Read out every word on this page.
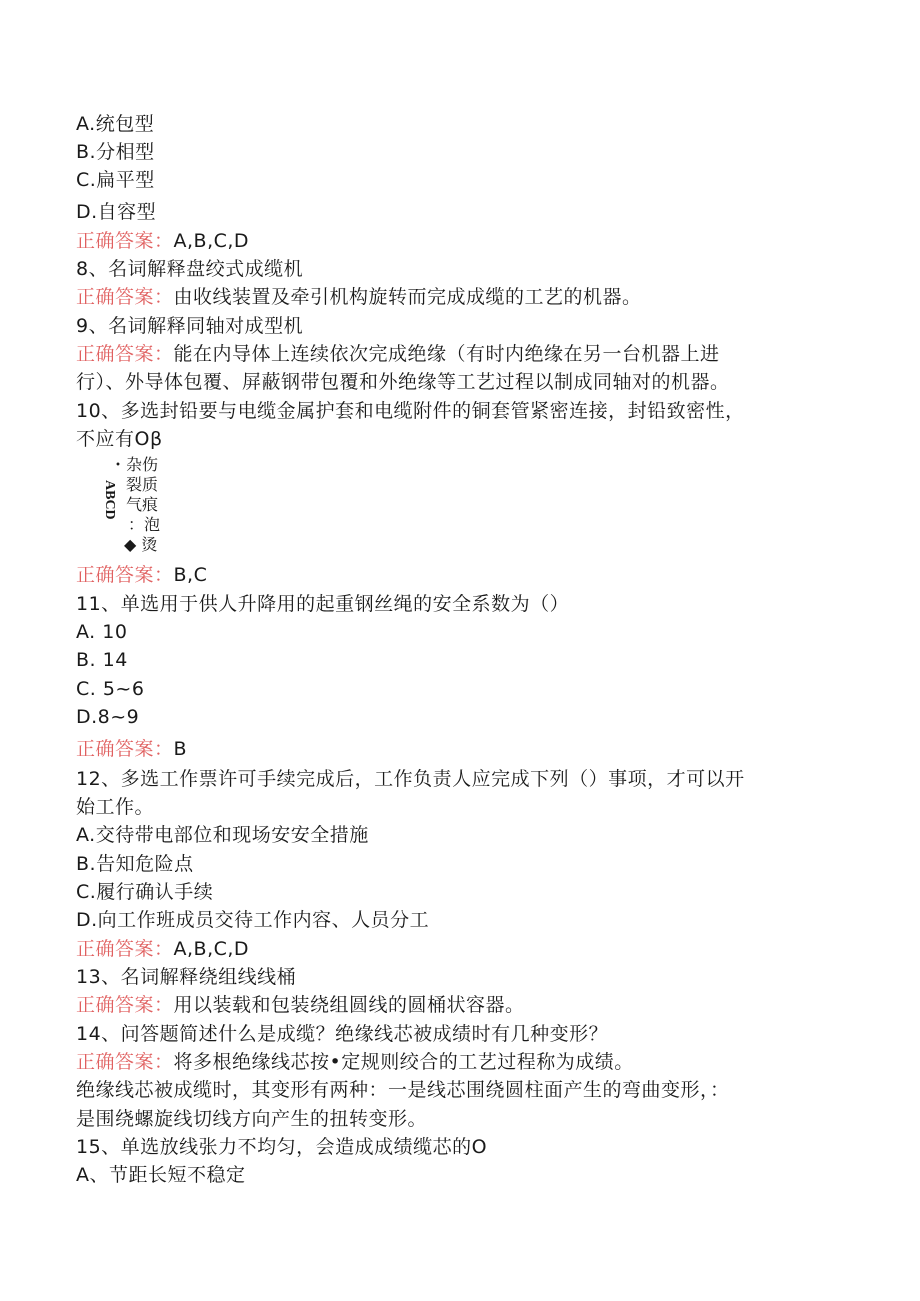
A.统包型
B.分相型
C.扁平型
D.自容型
正确答案：A,B,C,D
8、名词解释盘绞式成缆机
正确答案：由收线装置及牵引机构旋转而完成成缆的工艺的机器。
9、名词解释同轴对成型机
正确答案：能在内导体上连续依次完成绝缘（有时内绝缘在另一台机器上进
行）、外导体包覆、屏蔽钢带包覆和外绝缘等工艺过程以制成同轴对的机器。
10、多选封铅要与电缆金属护套和电缆附件的铜套管紧密连接，封铅致密性，
不应有Oβ
ABCD
・杂伤
裂质
气痕
：泡
◆ 烫
正确答案：B,C
11、单选用于供人升降用的起重钢丝绳的安全系数为（）
A. 10
B. 14
C. 5~6
D.8~9
正确答案：B
12、多选工作票许可手续完成后，工作负责人应完成下列（）事项，才可以开
始工作。
A.交待带电部位和现场安安全措施
B.告知危险点
C.履行确认手续
D.向工作班成员交待工作内容、人员分工
正确答案：A,B,C,D
13、名词解释绕组线线桶
正确答案：用以装载和包装绕组圆线的圆桶状容器。
14、问答题简述什么是成缆？绝缘线芯被成绩时有几种变形？
正确答案：将多根绝缘线芯按•定规则绞合的工艺过程称为成绩。
绝缘线芯被成缆时，其变形有两种：一是线芯围绕圆柱面产生的弯曲变形，：
是围绕螺旋线切线方向产生的扭转变形。
15、单选放线张力不均匀，会造成成绩缆芯的O
A、节距长短不稳定
